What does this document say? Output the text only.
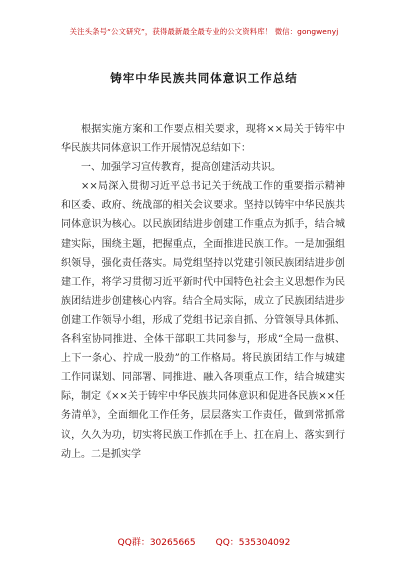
关注头条号“公文研究”，获得最新最全最专业的公文资料库！ 微信：gongwenyj
铸牢中华民族共同体意识工作总结

根据实施方案和工作要点相关要求，现将××局关于铸牢中华民族共同体意识工作开展情况总结如下：

一、加强学习宣传教育，提高创建活动共识。

××局深入贯彻习近平总书记关于统战工作的重要指示精神和区委、政府、统战部的相关会议要求。坚持以铸牢中华民族共同体意识为核心。以民族团结进步创建工作重点为抓手，结合城建实际，围绕主题，把握重点，全面推进民族工作。一是加强组织领导，强化责任落实。局党组坚持以党建引领民族团结进步创建工作，将学习贯彻习近平新时代中国特色社会主义思想作为民族团结进步创建核心内容。结合全局实际，成立了民族团结进步创建工作领导小组，形成了党组书记亲自抓、分管领导具体抓、各科室协同推进、全体干部职工共同参与，形成“全局一盘棋、上下一条心、拧成一股劲”的工作格局。将民族团结工作与城建工作同谋划、同部署、同推进、融入各项重点工作，结合城建实际，制定《××关于铸牢中华民族共同体意识和促进各民族××任务清单》，全面细化工作任务，层层落实工作责任，做到常抓常议，久久为功，切实将民族工作抓在手上、扛在肩上、落实到行动上。二是抓实学

QQ群：30265665 QQ：535304092
